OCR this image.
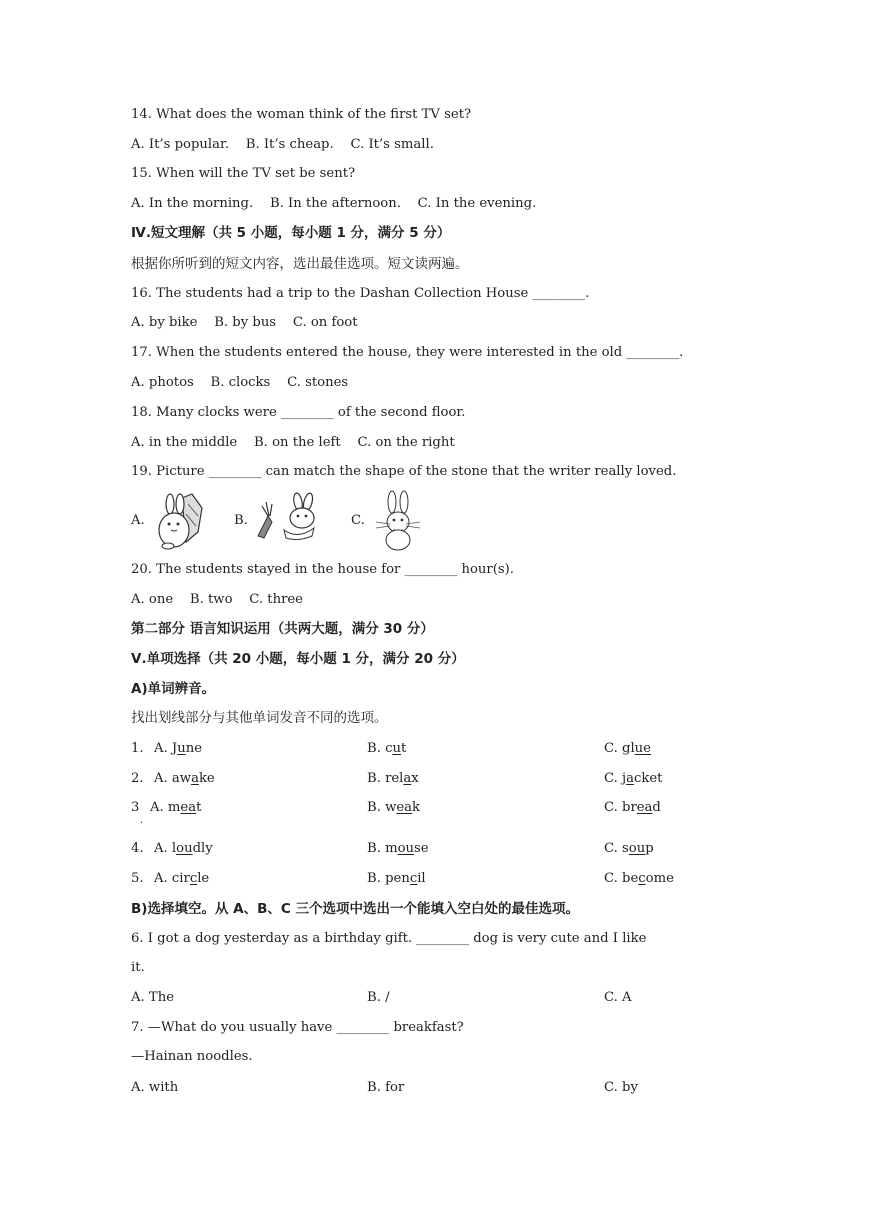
14. What does the woman think of the first TV set?
A. It’s popular.    B. It’s cheap.    C. It’s small.
15. When will the TV set be sent?
A. In the morning.    B. In the afternoon.    C. In the evening.
Ⅳ.短文理解（共 5 小题，每小题 1 分，满分 5 分）
根据你所听到的短文内容，选出最佳选项。短文读两遍。
16. The students had a trip to the Dashan Collection House ________.
A. by bike    B. by bus    C. on foot
17. When the students entered the house, they were interested in the old ________.
A. photos    B. clocks    C. stones
18. Many clocks were ________ of the second floor.
A. in the middle    B. on the left    C. on the right
19. Picture ________ can match the shape of the stone that the writer really loved.
A.	B.	C.
20. The students stayed in the house for ________ hour(s).
A. one    B. two    C. three
第二部分 语言知识运用（共两大题，满分 30 分）
Ⅴ.单项选择（共 20 小题，每小题 1 分，满分 20 分）
A)单词辨音。
找出划线部分与其他单词发音不同的选项。
1. A. June	B. cut	C. glue
2. A. awake	B. relax	C. jacket
3
.
A. meat	B. weak	C. bread
4. A. loudly	B. mouse	C. soup
5. A. circle	B. pencil	C. become
B)选择填空。从 A、B、C 三个选项中选出一个能填入空白处的最佳选项。
6. I got a dog yesterday as a birthday gift. ________ dog is very cute and I like
it.
A. The	B. /	C. A
7. —What do you usually have ________ breakfast?
—Hainan noodles.
A. with	B. for	C. by
